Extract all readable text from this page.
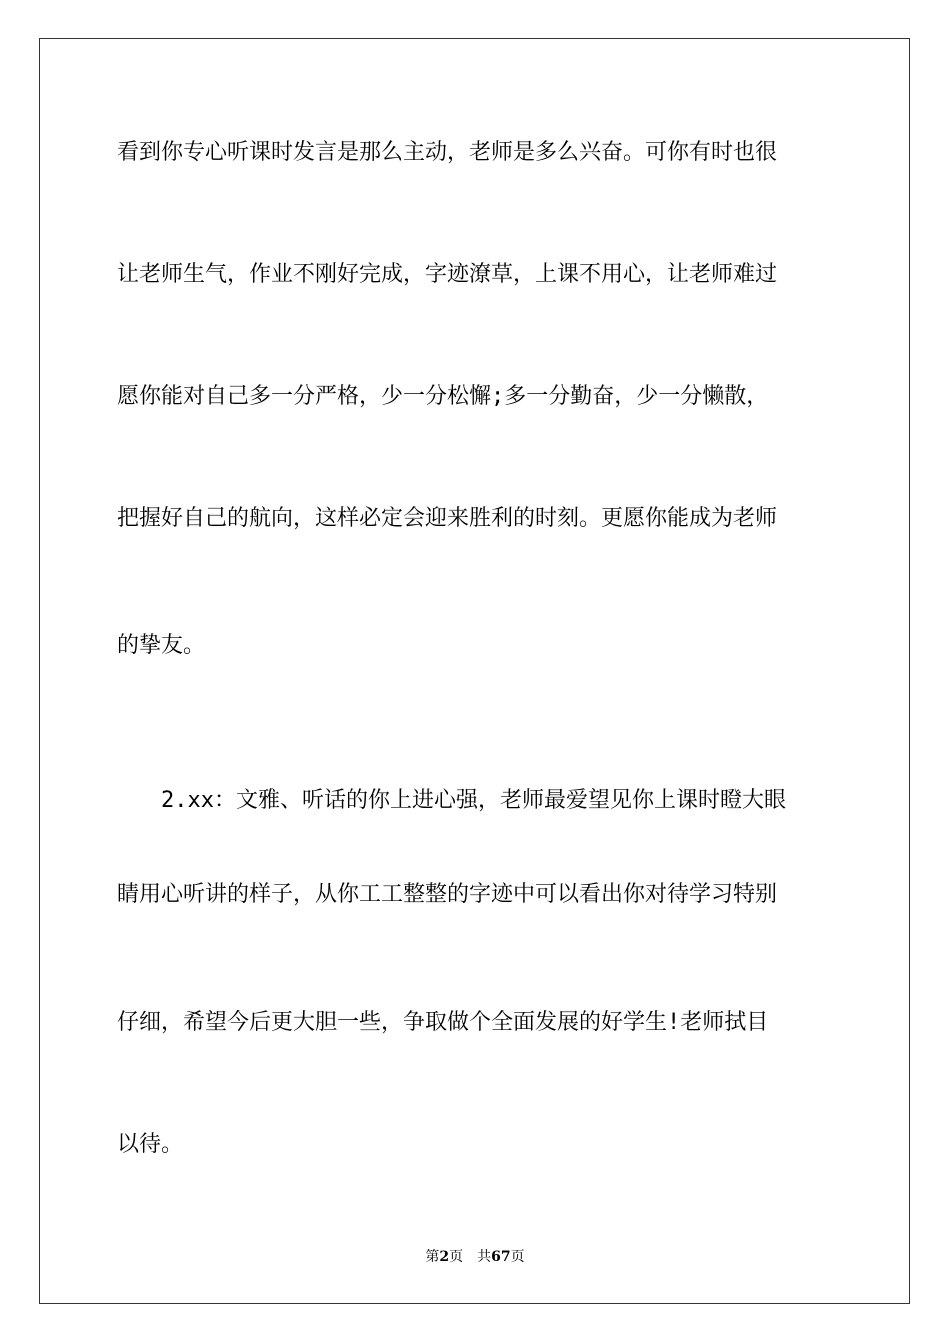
看到你专心听课时发言是那么主动，老师是多么兴奋。可你有时也很

让老师生气，作业不刚好完成，字迹潦草，上课不用心，让老师难过

愿你能对自己多一分严格，少一分松懈;多一分勤奋，少一分懒散，

把握好自己的航向，这样必定会迎来胜利的时刻。更愿你能成为老师

的挚友。

2.xx：文雅、听话的你上进心强，老师最爱望见你上课时瞪大眼

睛用心听讲的样子，从你工工整整的字迹中可以看出你对待学习特别

仔细，希望今后更大胆一些，争取做个全面发展的好学生!老师拭目

以待。

第2页 共67页
